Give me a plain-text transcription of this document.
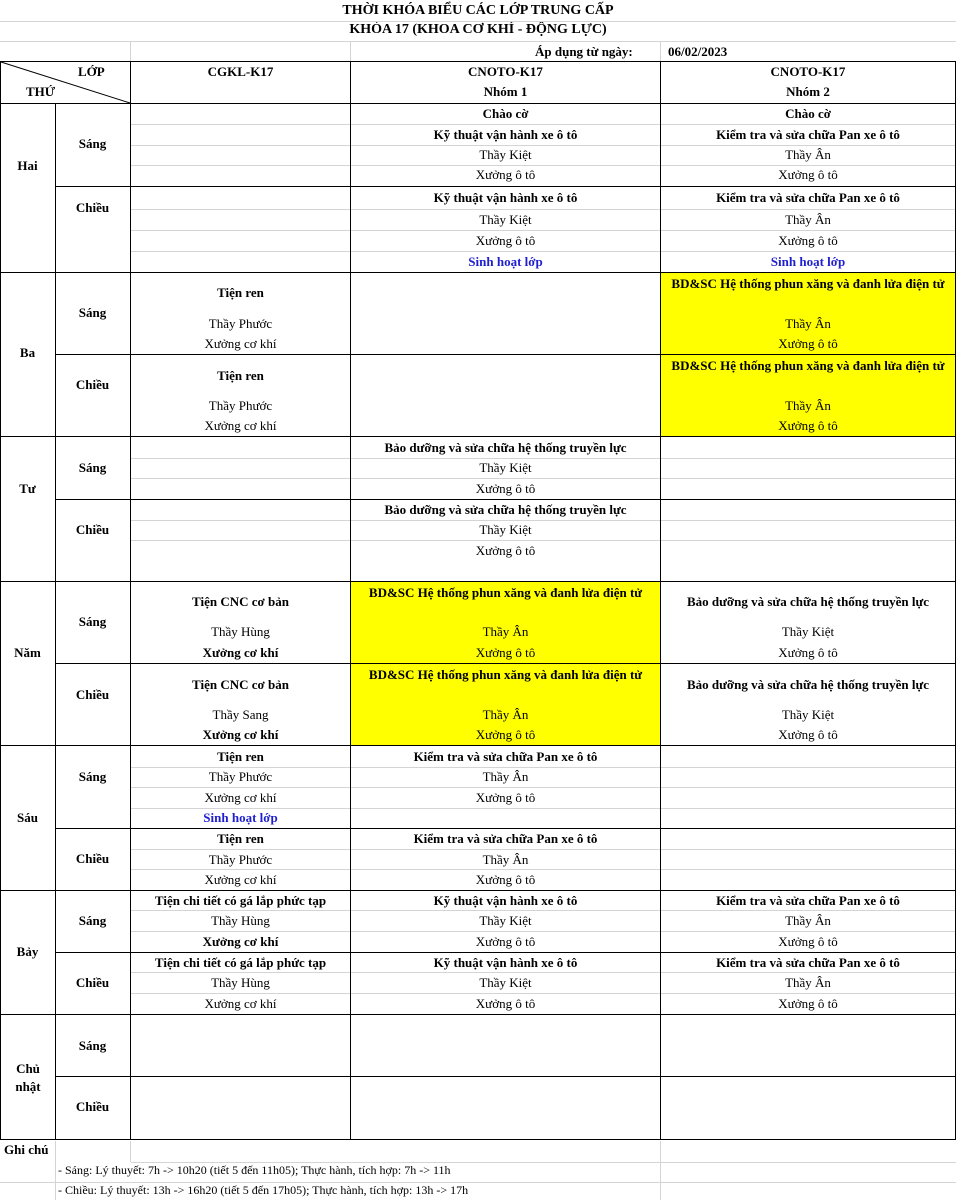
THỜI KHÓA BIỂU CÁC LỚP TRUNG CẤP
KHÓA 17 (KHOA CƠ KHÍ - ĐỘNG LỰC)
Áp dụng từ ngày:	06/02/2023
LỚP
THỨ
CGKL-K17	CNOTO-K17
Nhóm 1
CNOTO-K17
Nhóm 2
Hai
Ba
Tư
Năm
Sáu
Bảy
Chủ nhật
Sáng
Chiều
Sáng
Chiều
Sáng
Chiều
Sáng
Chiều
Sáng
Chiều
Sáng
Chiều
Sáng
Chiều
Chào cờ
Kỹ thuật vận hành xe ô tô
Thầy Kiệt
Xưởng ô tô
Chào cờ
Kiểm tra và sửa chữa Pan xe ô tô
Thầy Ân
Xưởng ô tô
Kỹ thuật vận hành xe ô tô
Thầy Kiệt
Xưởng ô tô
Sinh hoạt lớp
Kiểm tra và sửa chữa Pan xe ô tô
Thầy Ân
Xưởng ô tô
Sinh hoạt lớp
Tiện ren
Thầy Phước
Xưởng cơ khí
BD&SC Hệ thống phun xăng và đanh lửa điện tử
Thầy Ân
Xưởng ô tô
Tiện ren
Thầy Phước
Xưởng cơ khí
BD&SC Hệ thống phun xăng và đanh lửa điện tử
Thầy Ân
Xưởng ô tô
Bảo dưỡng và sửa chữa hệ thống truyền lực
Thầy Kiệt
Xưởng ô tô
Bảo dưỡng và sửa chữa hệ thống truyền lực
Thầy Kiệt
Xưởng ô tô
Tiện CNC cơ bản
Thầy Hùng
Xưởng cơ khí
BD&SC Hệ thống phun xăng và đanh lửa điện tử
Thầy Ân
Xưởng ô tô
Bảo dưỡng và sửa chữa hệ thống truyền lực
Thầy Kiệt
Xưởng ô tô
Tiện CNC cơ bản
Thầy Sang
Xưởng cơ khí
BD&SC Hệ thống phun xăng và đanh lửa điện tử
Thầy Ân
Xưởng ô tô
Bảo dưỡng và sửa chữa hệ thống truyền lực
Thầy Kiệt
Xưởng ô tô
Tiện ren
Thầy Phước
Xưởng cơ khí
Sinh hoạt lớp
Kiểm tra và sửa chữa Pan xe ô tô
Thầy Ân
Xưởng ô tô
Tiện ren
Thầy Phước
Xưởng cơ khí
Kiểm tra và sửa chữa Pan xe ô tô
Thầy Ân
Xưởng ô tô
Tiện chi tiết có gá lắp phức tạp
Thầy Hùng
Xưởng cơ khí
Kỹ thuật vận hành xe ô tô
Thầy Kiệt
Xưởng ô tô
Kiểm tra và sửa chữa Pan xe ô tô
Thầy Ân
Xưởng ô tô
Tiện chi tiết có gá lắp phức tạp
Thầy Hùng
Xưởng cơ khí
Kỹ thuật vận hành xe ô tô
Thầy Kiệt
Xưởng ô tô
Kiểm tra và sửa chữa Pan xe ô tô
Thầy Ân
Xưởng ô tô
Ghi chú
- Sáng: Lý thuyết: 7h -> 10h20 (tiết 5 đến 11h05); Thực hành, tích hợp: 7h -> 11h
- Chiều: Lý thuyết: 13h -> 16h20 (tiết 5 đến 17h05); Thực hành, tích hợp: 13h -> 17h
